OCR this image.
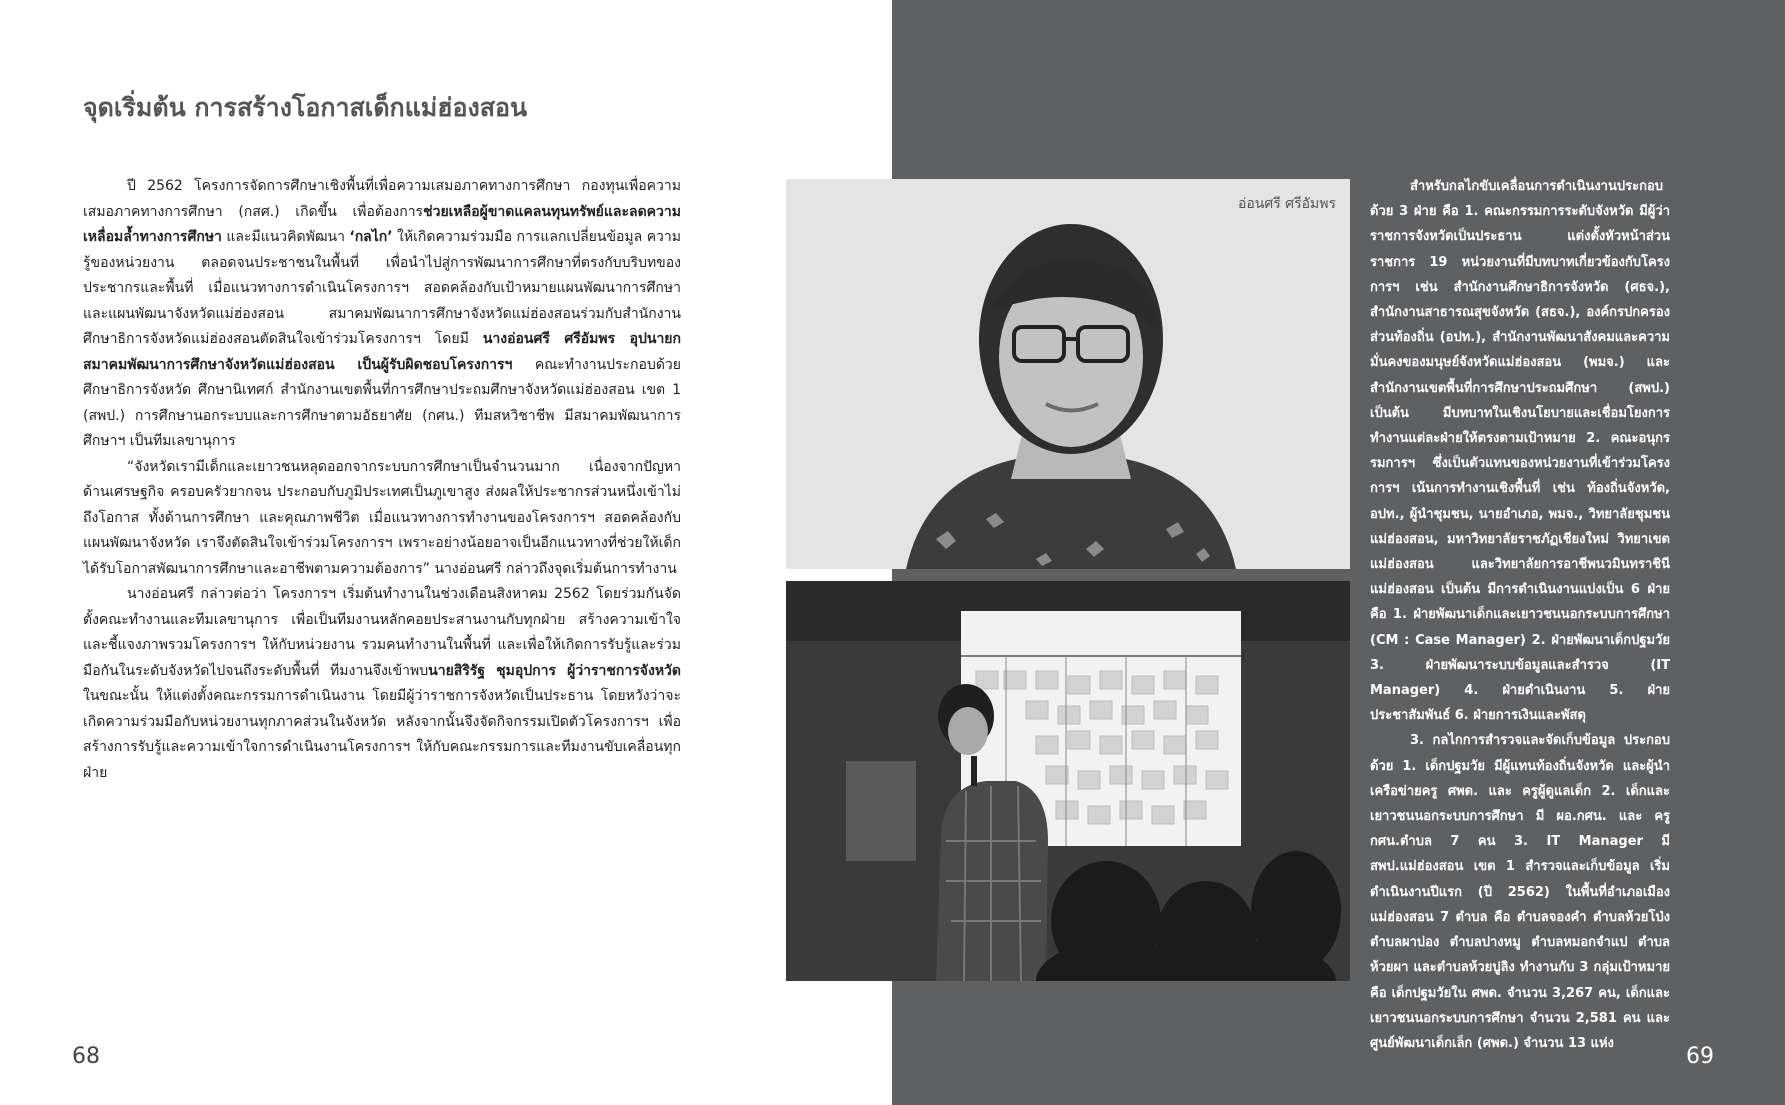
จุดเริ่มต้น การสร้างโอกาสเด็กแม่ฮ่องสอน

ปี 2562 โครงการจัดการศึกษาเชิงพื้นที่เพื่อความเสมอภาคทางการศึกษา กองทุนเพื่อความเสมอภาคทางการศึกษา (กสศ.) เกิดขึ้น เพื่อต้องการช่วยเหลือผู้ขาดแคลนทุนทรัพย์และลดความเหลื่อมล้ำทางการศึกษา และมีแนวคิดพัฒนา ‘กลไก’ ให้เกิดความร่วมมือ การแลกเปลี่ยนข้อมูล ความรู้ของหน่วยงาน ตลอดจนประชาชนในพื้นที่ เพื่อนำไปสู่การพัฒนาการศึกษาที่ตรงกับบริบทของประชากรและพื้นที่ เมื่อแนวทางการดำเนินโครงการฯ สอดคล้องกับเป้าหมายแผนพัฒนาการศึกษาและแผนพัฒนาจังหวัดแม่ฮ่องสอน สมาคมพัฒนาการศึกษาจังหวัดแม่ฮ่องสอนร่วมกับสำนักงานศึกษาธิการจังหวัดแม่ฮ่องสอนตัดสินใจเข้าร่วมโครงการฯ โดยมี นางอ่อนศรี ศรีอัมพร อุปนายกสมาคมพัฒนาการศึกษาจังหวัดแม่ฮ่องสอน เป็นผู้รับผิดชอบโครงการฯ คณะทำงานประกอบด้วย ศึกษาธิการจังหวัด ศึกษานิเทศก์ สำนักงานเขตพื้นที่การศึกษาประถมศึกษาจังหวัดแม่ฮ่องสอน เขต 1 (สพป.) การศึกษานอกระบบและการศึกษาตามอัธยาศัย (กศน.) ทีมสหวิชาชีพ มีสมาคมพัฒนาการศึกษาฯ เป็นทีมเลขานุการ

“จังหวัดเรามีเด็กและเยาวชนหลุดออกจากระบบการศึกษาเป็นจำนวนมาก เนื่องจากปัญหาด้านเศรษฐกิจ ครอบครัวยากจน ประกอบกับภูมิประเทศเป็นภูเขาสูง ส่งผลให้ประชากรส่วนหนึ่งเข้าไม่ถึงโอกาส ทั้งด้านการศึกษา และคุณภาพชีวิต เมื่อแนวทางการทำงานของโครงการฯ สอดคล้องกับแผนพัฒนาจังหวัด เราจึงตัดสินใจเข้าร่วมโครงการฯ เพราะอย่างน้อยอาจเป็นอีกแนวทางที่ช่วยให้เด็กได้รับโอกาสพัฒนาการศึกษาและอาชีพตามความต้องการ” นางอ่อนศรี กล่าวถึงจุดเริ่มต้นการทำงาน

นางอ่อนศรี กล่าวต่อว่า โครงการฯ เริ่มต้นทำงานในช่วงเดือนสิงหาคม 2562 โดยร่วมกันจัดตั้งคณะทำงานและทีมเลขานุการ เพื่อเป็นทีมงานหลักคอยประสานงานกับทุกฝ่าย สร้างความเข้าใจและชี้แจงภาพรวมโครงการฯ ให้กับหน่วยงาน รวมคนทำงานในพื้นที่ และเพื่อให้เกิดการรับรู้และร่วมมือกันในระดับจังหวัดไปจนถึงระดับพื้นที่ ทีมงานจึงเข้าพบนายสิริรัฐ ชุมอุปการ ผู้ว่าราชการจังหวัด ในขณะนั้น ให้แต่งตั้งคณะกรรมการดำเนินงาน โดยมีผู้ว่าราชการจังหวัดเป็นประธาน โดยหวังว่าจะเกิดความร่วมมือกับหน่วยงานทุกภาคส่วนในจังหวัด หลังจากนั้นจึงจัดกิจกรรมเปิดตัวโครงการฯ เพื่อสร้างการรับรู้และความเข้าใจการดำเนินงานโครงการฯ ให้กับคณะกรรมการและทีมงานขับเคลื่อนทุกฝ่าย

อ่อนศรี ศรีอัมพร

สำหรับกลไกขับเคลื่อนการดำเนินงานประกอบด้วย 3 ฝ่าย คือ 1. คณะกรรมการระดับจังหวัด มีผู้ว่าราชการจังหวัดเป็นประธาน แต่งตั้งหัวหน้าส่วนราชการ 19 หน่วยงานที่มีบทบาทเกี่ยวข้องกับโครงการฯ เช่น สำนักงานศึกษาธิการจังหวัด (ศธจ.), สำนักงานสาธารณสุขจังหวัด (สธจ.), องค์กรปกครองส่วนท้องถิ่น (อปท.), สำนักงานพัฒนาสังคมและความมั่นคงของมนุษย์จังหวัดแม่ฮ่องสอน (พมจ.) และสำนักงานเขตพื้นที่การศึกษาประถมศึกษา (สพป.) เป็นต้น มีบทบาทในเชิงนโยบายและเชื่อมโยงการทำงานแต่ละฝ่ายให้ตรงตามเป้าหมาย 2. คณะอนุกรรมการฯ ซึ่งเป็นตัวแทนของหน่วยงานที่เข้าร่วมโครงการฯ เน้นการทำงานเชิงพื้นที่ เช่น ท้องถิ่นจังหวัด, อปท., ผู้นำชุมชน, นายอำเภอ, พมจ., วิทยาลัยชุมชนแม่ฮ่องสอน, มหาวิทยาลัยราชภัฏเชียงใหม่ วิทยาเขตแม่ฮ่องสอน และวิทยาลัยการอาชีพนวมินทราชินีแม่ฮ่องสอน เป็นต้น มีการดำเนินงานแบ่งเป็น 6 ฝ่าย คือ 1. ฝ่ายพัฒนาเด็กและเยาวชนนอกระบบการศึกษา (CM : Case Manager) 2. ฝ่ายพัฒนาเด็กปฐมวัย 3. ฝ่ายพัฒนาระบบข้อมูลและสำรวจ (IT Manager) 4. ฝ่ายดำเนินงาน 5. ฝ่ายประชาสัมพันธ์ 6. ฝ่ายการเงินและพัสดุ

3. กลไกการสำรวจและจัดเก็บข้อมูล ประกอบด้วย 1. เด็กปฐมวัย มีผู้แทนท้องถิ่นจังหวัด และผู้นำเครือข่ายครู ศพด. และ ครูผู้ดูแลเด็ก 2. เด็กและเยาวชนนอกระบบการศึกษา มี ผอ.กศน. และ ครู กศน.ตำบล 7 คน 3. IT Manager มี สพป.แม่ฮ่องสอน เขต 1 สำรวจและเก็บข้อมูล เริ่มดำเนินงานปีแรก (ปี 2562) ในพื้นที่อำเภอเมืองแม่ฮ่องสอน 7 ตำบล คือ ตำบลจองคำ ตำบลห้วยโป่ง ตำบลผาบ่อง ตำบลปางหมู ตำบลหมอกจำแป ตำบลห้วยผา และตำบลห้วยปูลิง ทำงานกับ 3 กลุ่มเป้าหมาย คือ เด็กปฐมวัยใน ศพด. จำนวน 3,267 คน, เด็กและเยาวชนนอกระบบการศึกษา จำนวน 2,581 คน และศูนย์พัฒนาเด็กเล็ก (ศพด.) จำนวน 13 แห่ง

68	69
